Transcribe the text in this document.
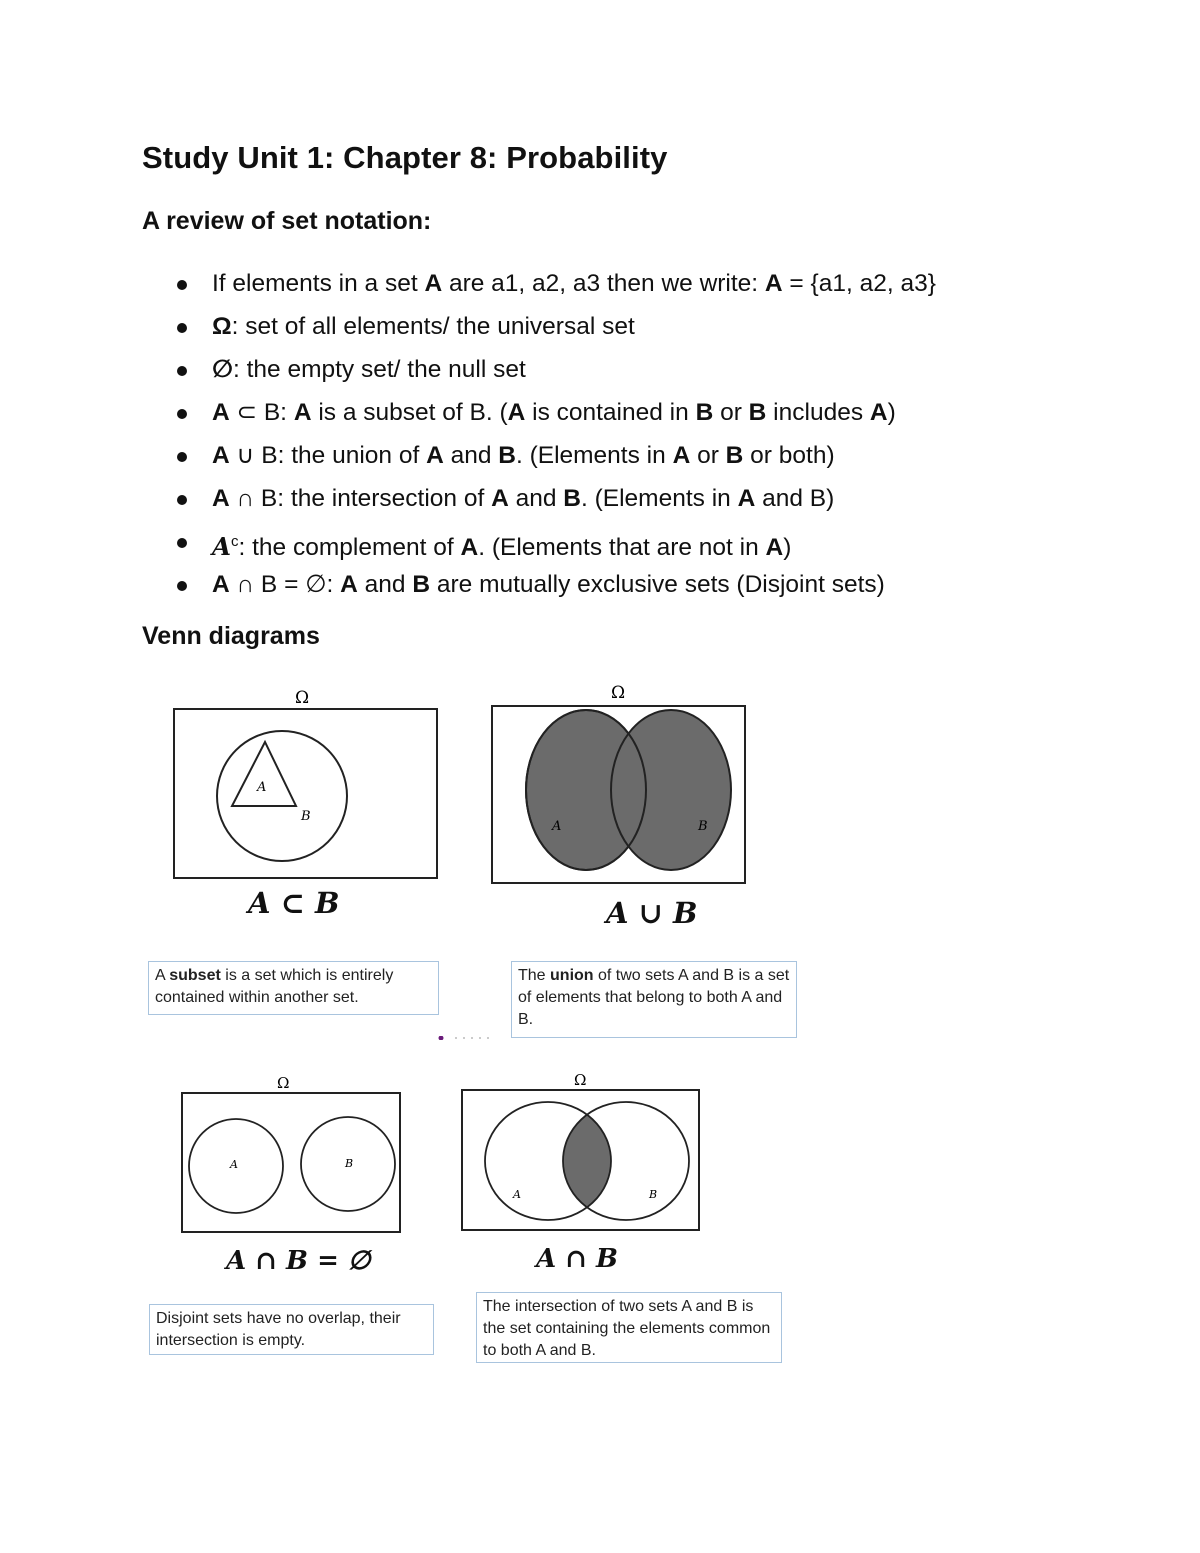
Study Unit 1: Chapter 8: Probability
A review of set notation:
If elements in a set A are a1, a2, a3 then we write: A = {a1, a2, a3}
Ω: set of all elements/ the universal set
∅: the empty set/ the null set
A ⊂ B: A is a subset of B. (A is contained in B or B includes A)
A ∪ B: the union of A and B. (Elements in A or B or both)
A ∩ B: the intersection of A and B. (Elements in A and B)
$A^c$: the complement of A. (Elements that are not in A)
A ∩ B = ∅: A and B are mutually exclusive sets (Disjoint sets)
Venn diagrams
Ω
A
B
A ⊂ B
A subset is a set which is entirely contained within another set.
Ω
A	B
A ∪ B
The union of two sets A and B is a set of elements that belong to both A and B.
Ω
A	B
A ∩ B = ∅
Disjoint sets have no overlap, their intersection is empty.
Ω
A	B
A ∩ B
The intersection of two sets A and B is the set containing the elements common to both A and B.
